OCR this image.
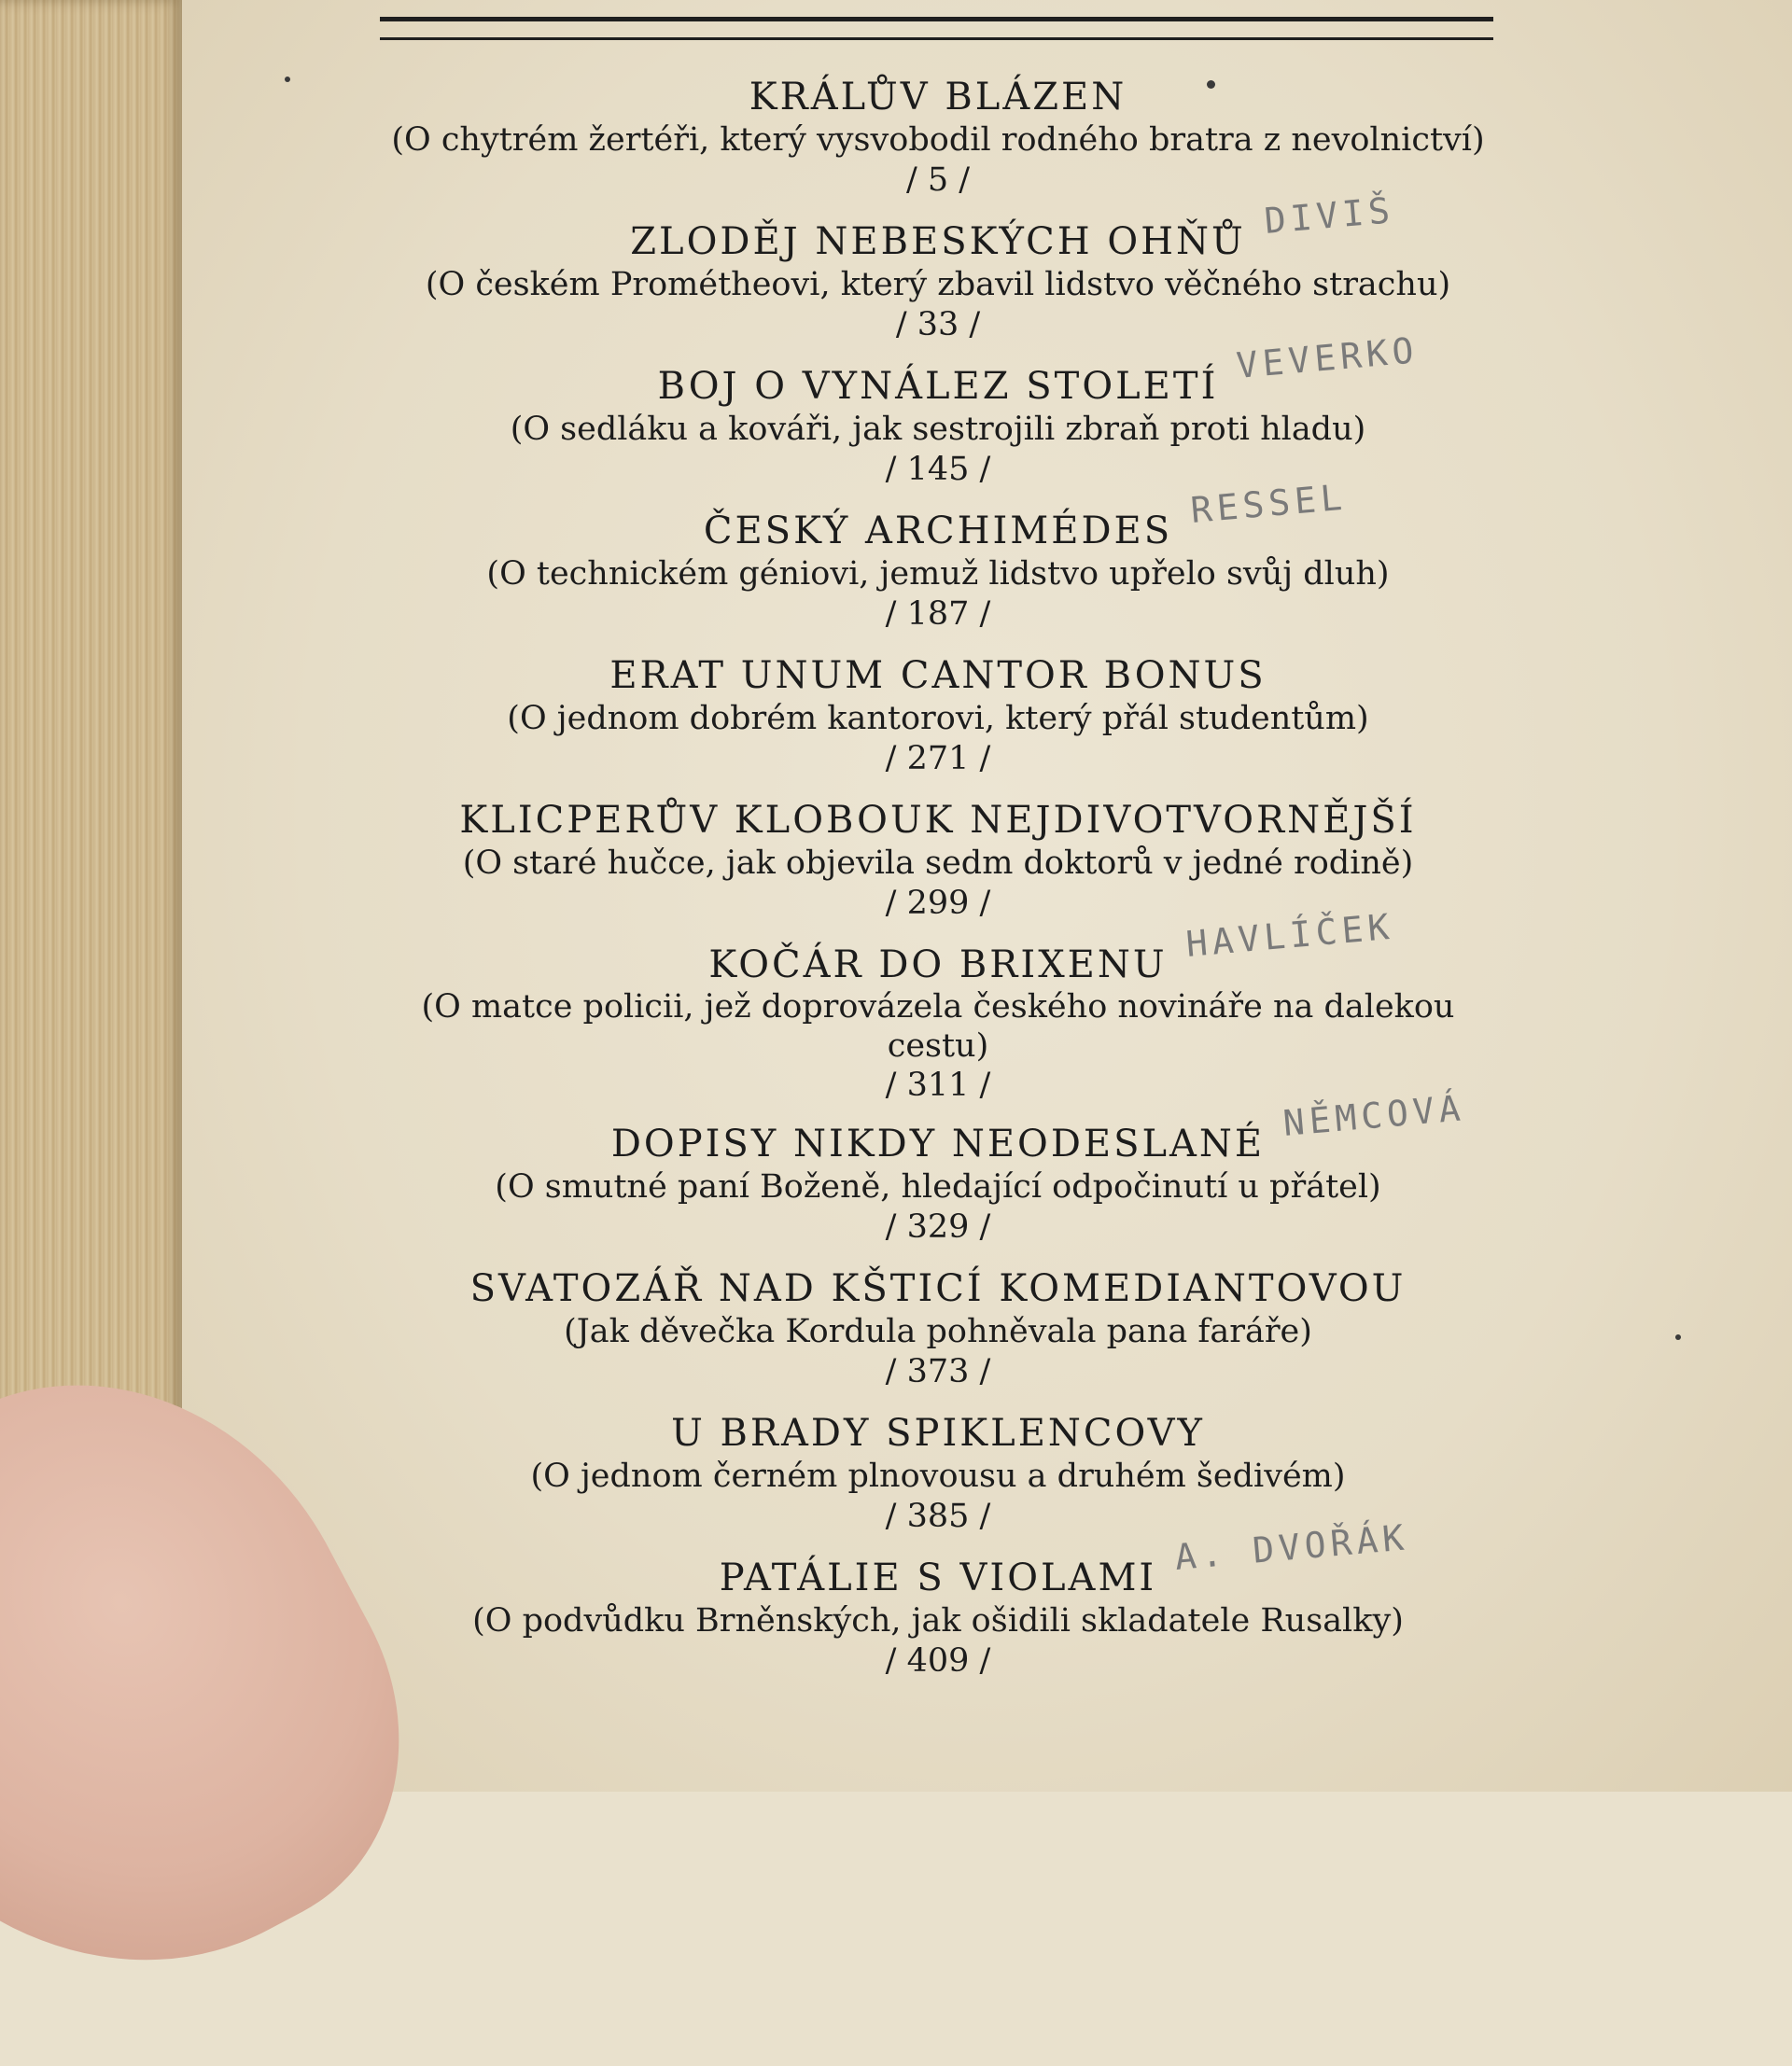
KRÁLŮV BLÁZEN
(O chytrém žertéři, který vysvobodil rodného bratra z nevolnictví)
/ 5 /
ZLODĚJ NEBESKÝCH OHŇŮ DIVIŠ
(O českém Prométheovi, který zbavil lidstvo věčného strachu)
/ 33 /
BOJ O VYNÁLEZ STOLETÍ VEVERKO
(O sedláku a kováři, jak sestrojili zbraň proti hladu)
/ 145 /
ČESKÝ ARCHIMÉDES RESSEL
(O technickém géniovi, jemuž lidstvo upřelo svůj dluh)
/ 187 /
ERAT UNUM CANTOR BONUS
(O jednom dobrém kantorovi, který přál studentům)
/ 271 /
KLICPERŮV KLOBOUK NEJDIVOTVORNĚJŠÍ
(O staré hučce, jak objevila sedm doktorů v jedné rodině)
/ 299 /
KOČÁR DO BRIXENU HAVLÍČEK
(O matce policii, jež doprovázela českého novináře na dalekou cestu)
/ 311 /
DOPISY NIKDY NEODESLANÉ NĚMCOVÁ
(O smutné paní Boženě, hledající odpočinutí u přátel)
/ 329 /
SVATOZÁŘ NAD KŠTICÍ KOMEDIANTOVOU
(Jak děvečka Kordula pohněvala pana faráře)
/ 373 /
U BRADY SPIKLENCOVY
(O jednom černém plnovousu a druhém šedivém)
/ 385 /
PATÁLIE S VIOLAMI A. DVOŘÁK
(O podvůdku Brněnských, jak ošidili skladatele Rusalky)
/ 409 /
